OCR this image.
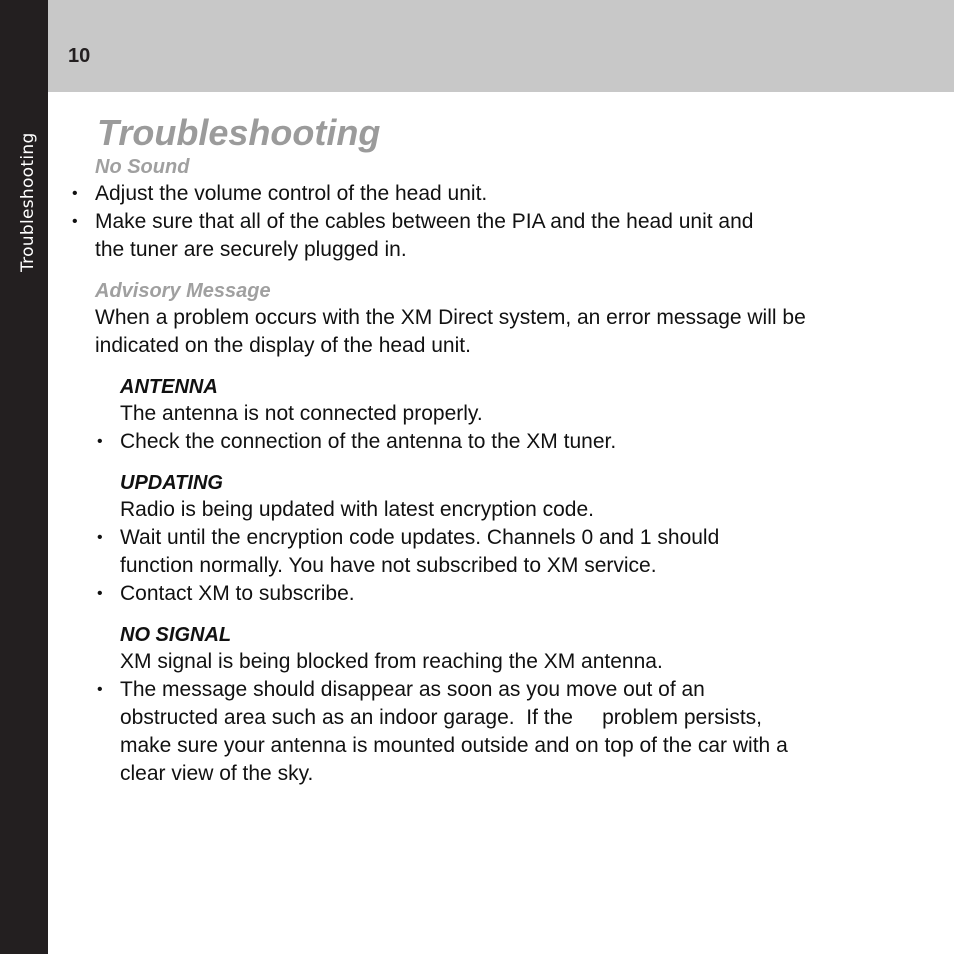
Troubleshooting
10
Troubleshooting
No Sound
• Adjust the volume control of the head unit.
• Make sure that all of the cables between the PIA and the head unit and the tuner are securely plugged in.
Advisory Message

When a problem occurs with the XM Direct system, an error message will be indicated on the display of the head unit.

ANTENNA

The antenna is not connected properly.

• Check the connection of the antenna to the XM tuner.
UPDATING

Radio is being updated with latest encryption code.

• Wait until the encryption code updates. Channels 0 and 1 should function normally. You have not subscribed to XM service.
• Contact XM to subscribe.
NO SIGNAL

XM signal is being blocked from reaching the XM antenna.

• The message should disappear as soon as you move out of an obstructed area such as an indoor garage.  If the     problem persists, make sure your antenna is mounted outside and on top of the car with a clear view of the sky.
